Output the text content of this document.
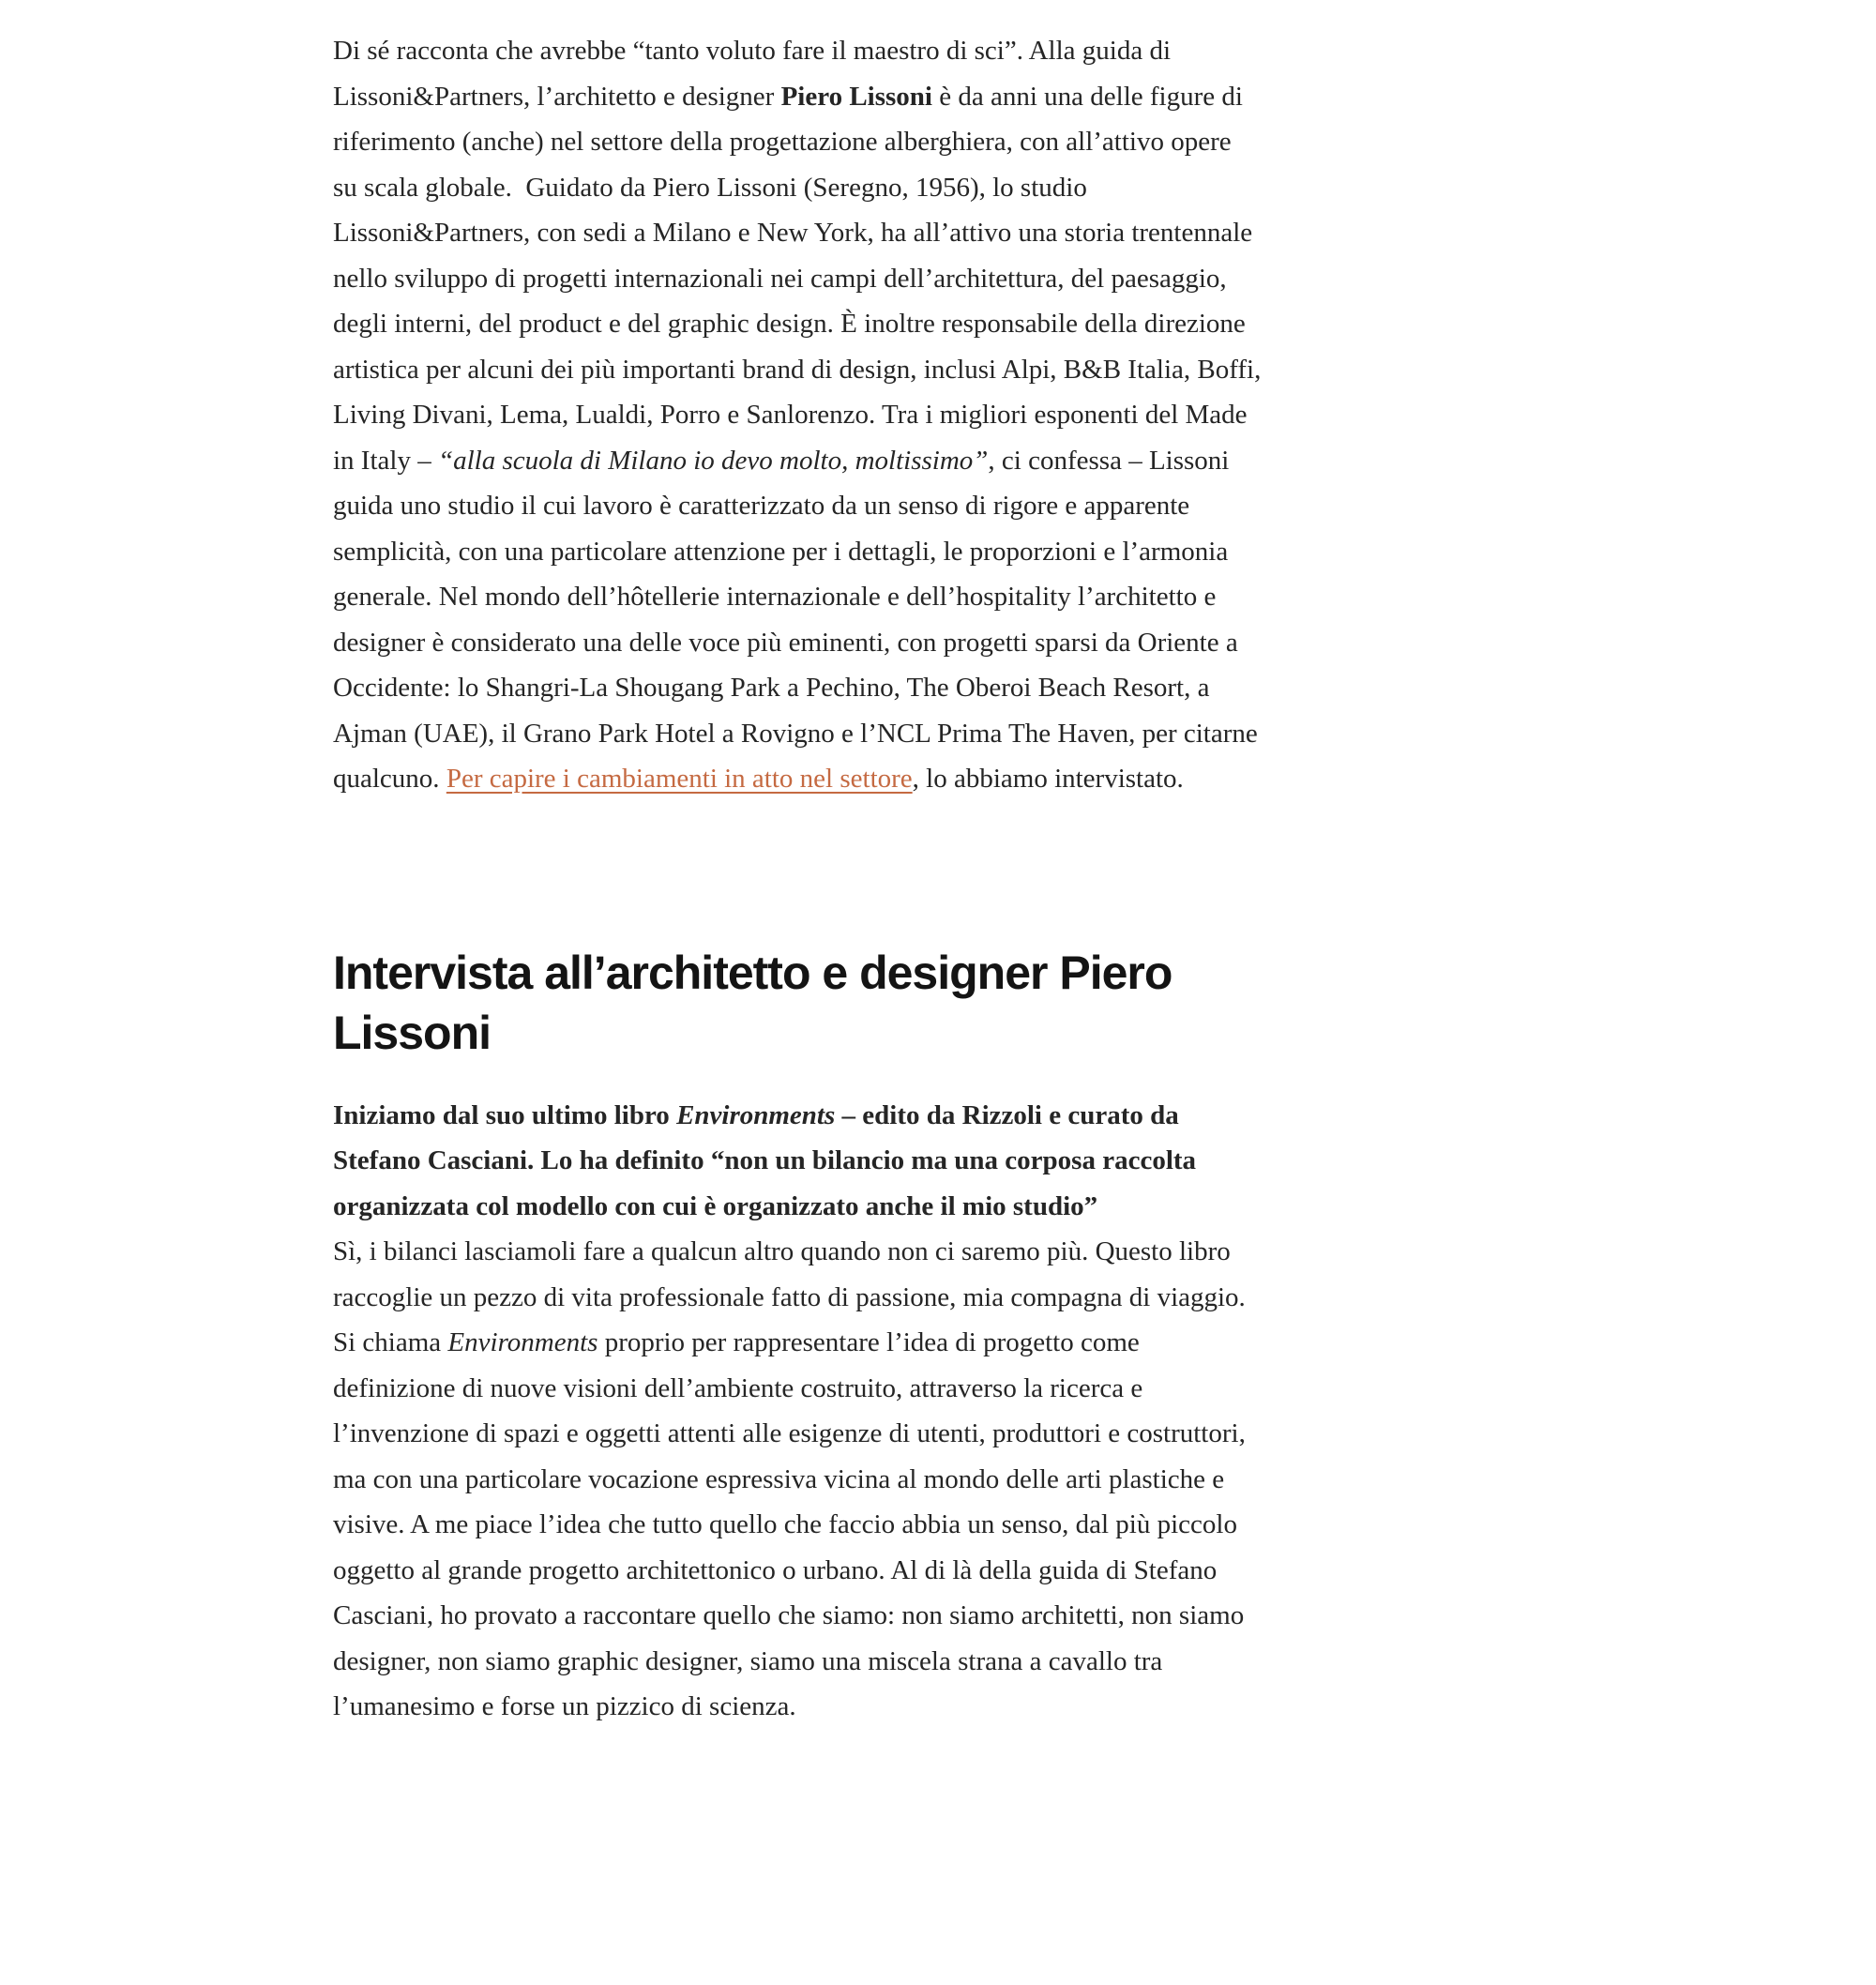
Di sé racconta che avrebbe “tanto voluto fare il maestro di sci”. Alla guida di Lissoni&Partners, l’architetto e designer Piero Lissoni è da anni una delle figure di riferimento (anche) nel settore della progettazione alberghiera, con all’attivo opere su scala globale.  Guidato da Piero Lissoni (Seregno, 1956), lo studio Lissoni&Partners, con sedi a Milano e New York, ha all’attivo una storia trentennale nello sviluppo di progetti internazionali nei campi dell’architettura, del paesaggio, degli interni, del product e del graphic design. È inoltre responsabile della direzione artistica per alcuni dei più importanti brand di design, inclusi Alpi, B&B Italia, Boffi, Living Divani, Lema, Lualdi, Porro e Sanlorenzo. Tra i migliori esponenti del Made in Italy – “alla scuola di Milano io devo molto, moltissimo”, ci confessa – Lissoni guida uno studio il cui lavoro è caratterizzato da un senso di rigore e apparente semplicità, con una particolare attenzione per i dettagli, le proporzioni e l’armonia generale. Nel mondo dell’hôtellerie internazionale e dell’hospitality l’architetto e designer è considerato una delle voce più eminenti, con progetti sparsi da Oriente a Occidente: lo Shangri-La Shougang Park a Pechino, The Oberoi Beach Resort, a Ajman (UAE), il Grano Park Hotel a Rovigno e l’NCL Prima The Haven, per citarne qualcuno. Per capire i cambiamenti in atto nel settore, lo abbiamo intervistato.

Intervista all’architetto e designer Piero Lissoni

Iniziamo dal suo ultimo libro Environments – edito da Rizzoli e curato da Stefano Casciani. Lo ha definito “non un bilancio ma una corposa raccolta organizzata col modello con cui è organizzato anche il mio studio”

Sì, i bilanci lasciamoli fare a qualcun altro quando non ci saremo più. Questo libro raccoglie un pezzo di vita professionale fatto di passione, mia compagna di viaggio. Si chiama Environments proprio per rappresentare l’idea di progetto come definizione di nuove visioni dell’ambiente costruito, attraverso la ricerca e l’invenzione di spazi e oggetti attenti alle esigenze di utenti, produttori e costruttori, ma con una particolare vocazione espressiva vicina al mondo delle arti plastiche e visive. A me piace l’idea che tutto quello che faccio abbia un senso, dal più piccolo oggetto al grande progetto architettonico o urbano. Al di là della guida di Stefano Casciani, ho provato a raccontare quello che siamo: non siamo architetti, non siamo designer, non siamo graphic designer, siamo una miscela strana a cavallo tra l’umanesimo e forse un pizzico di scienza.
